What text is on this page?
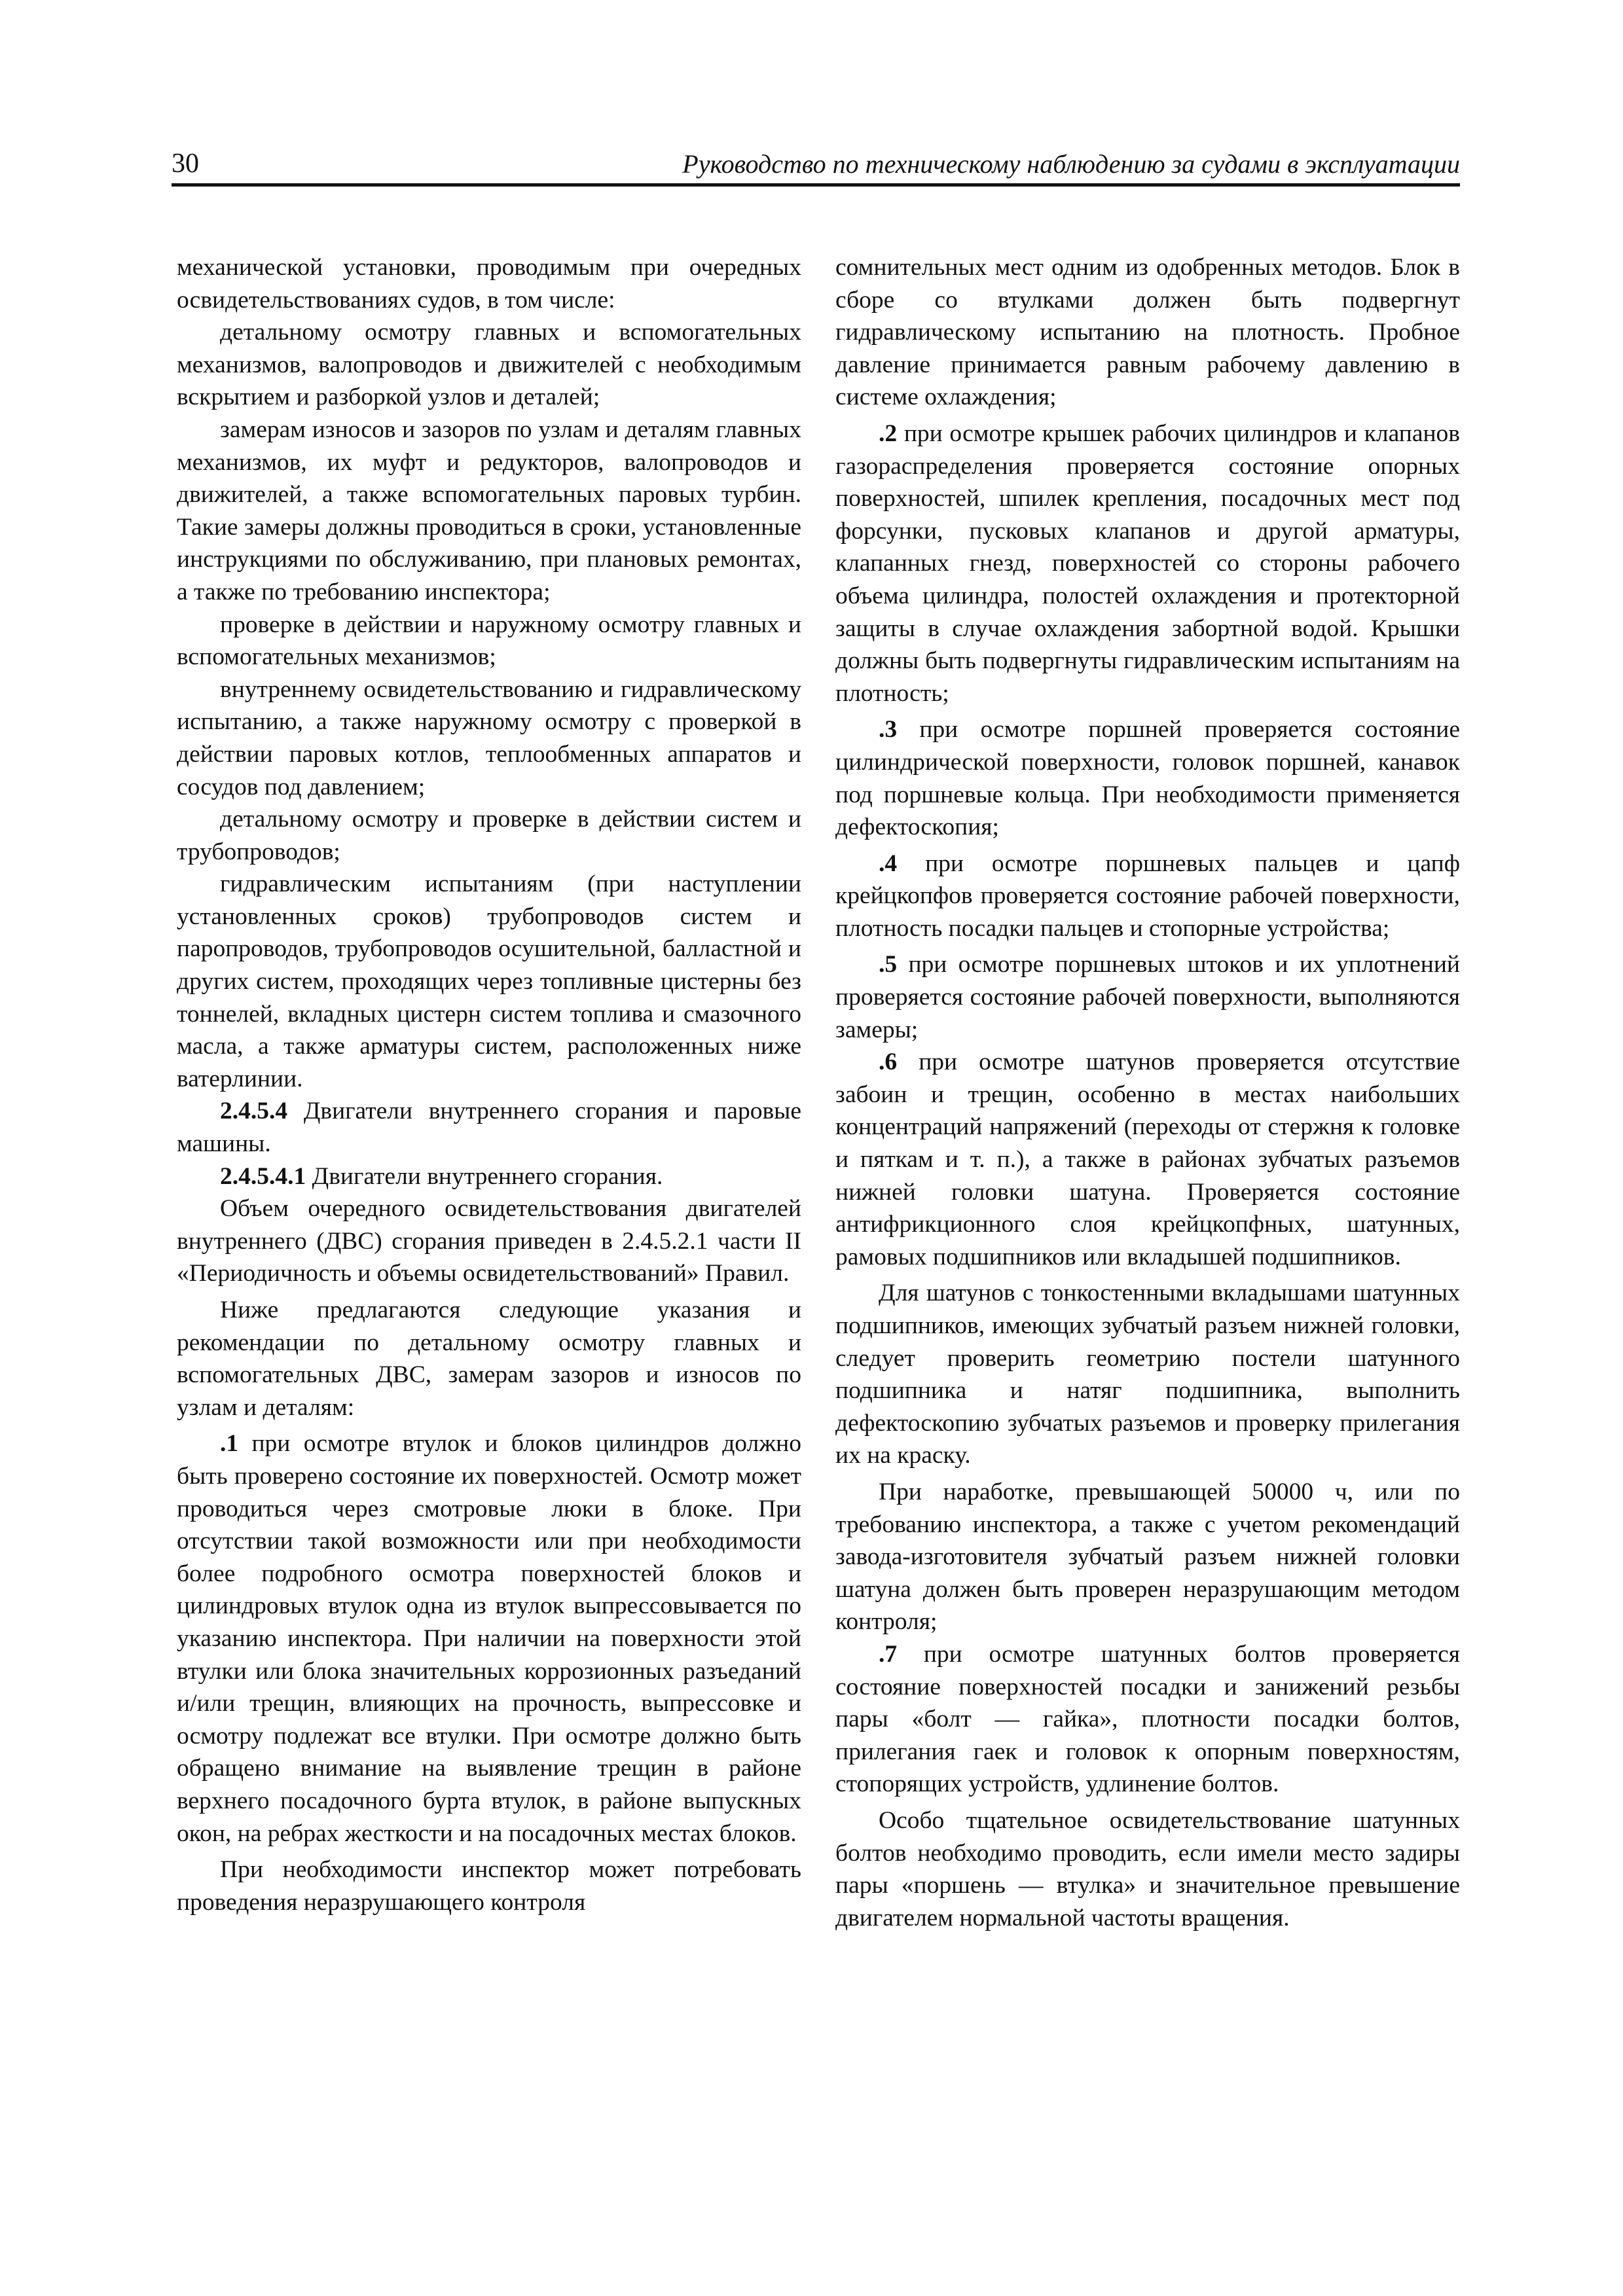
30	Руководство по техническому наблюдению за судами в эксплуатации

механической установки, проводимым при очередных освидетельствованиях судов, в том числе:

детальному осмотру главных и вспомогательных механизмов, валопроводов и движителей с необходимым вскрытием и разборкой узлов и деталей;

замерам износов и зазоров по узлам и деталям главных механизмов, их муфт и редукторов, валопроводов и движителей, а также вспомогательных паровых турбин. Такие замеры должны проводиться в сроки, установленные инструкциями по обслуживанию, при плановых ремонтах, а также по требованию инспектора;

проверке в действии и наружному осмотру главных и вспомогательных механизмов;

внутреннему освидетельствованию и гидравлическому испытанию, а также наружному осмотру с проверкой в действии паровых котлов, теплообменных аппаратов и сосудов под давлением;

детальному осмотру и проверке в действии систем и трубопроводов;

гидравлическим испытаниям (при наступлении установленных сроков) трубопроводов систем и паропроводов, трубопроводов осушительной, балластной и других систем, проходящих через топливные цистерны без тоннелей, вкладных цистерн систем топлива и смазочного масла, а также арматуры систем, расположенных ниже ватерлинии.

2.4.5.4 Двигатели внутреннего сгорания и паровые машины.

2.4.5.4.1 Двигатели внутреннего сгорания.

Объем очередного освидетельствования двигателей внутреннего (ДВС) сгорания приведен в 2.4.5.2.1 части II «Периодичность и объемы освидетельствований» Правил.

Ниже предлагаются следующие указания и рекомендации по детальному осмотру главных и вспомогательных ДВС, замерам зазоров и износов по узлам и деталям:

.1 при осмотре втулок и блоков цилиндров должно быть проверено состояние их поверхностей. Осмотр может проводиться через смотровые люки в блоке. При отсутствии такой возможности или при необходимости более подробного осмотра поверхностей блоков и цилиндровых втулок одна из втулок выпрессовывается по указанию инспектора. При наличии на поверхности этой втулки или блока значительных коррозионных разъеданий и/или трещин, влияющих на прочность, выпрессовке и осмотру подлежат все втулки. При осмотре должно быть обращено внимание на выявление трещин в районе верхнего посадочного бурта втулок, в районе выпускных окон, на ребрах жесткости и на посадочных местах блоков.

При необходимости инспектор может потребовать проведения неразрушающего контроля

сомнительных мест одним из одобренных методов. Блок в сборе со втулками должен быть подвергнут гидравлическому испытанию на плотность. Пробное давление принимается равным рабочему давлению в системе охлаждения;

.2 при осмотре крышек рабочих цилиндров и клапанов газораспределения проверяется состояние опорных поверхностей, шпилек крепления, посадочных мест под форсунки, пусковых клапанов и другой арматуры, клапанных гнезд, поверхностей со стороны рабочего объема цилиндра, полостей охлаждения и протекторной защиты в случае охлаждения забортной водой. Крышки должны быть подвергнуты гидравлическим испытаниям на плотность;

.3 при осмотре поршней проверяется состояние цилиндрической поверхности, головок поршней, канавок под поршневые кольца. При необходимости применяется дефектоскопия;

.4 при осмотре поршневых пальцев и цапф крейцкопфов проверяется состояние рабочей поверхности, плотность посадки пальцев и стопорные устройства;

.5 при осмотре поршневых штоков и их уплотнений проверяется состояние рабочей поверхности, выполняются замеры;

.6 при осмотре шатунов проверяется отсутствие забоин и трещин, особенно в местах наибольших концентраций напряжений (переходы от стержня к головке и пяткам и т. п.), а также в районах зубчатых разъемов нижней головки шатуна. Проверяется состояние антифрикционного слоя крейцкопфных, шатунных, рамовых подшипников или вкладышей подшипников.

Для шатунов с тонкостенными вкладышами шатунных подшипников, имеющих зубчатый разъем нижней головки, следует проверить геометрию постели шатунного подшипника и натяг подшипника, выполнить дефектоскопию зубчатых разъемов и проверку прилегания их на краску.

При наработке, превышающей 50000 ч, или по требованию инспектора, а также с учетом рекомендаций завода-изготовителя зубчатый разъем нижней головки шатуна должен быть проверен неразрушающим методом контроля;

.7 при осмотре шатунных болтов проверяется состояние поверхностей посадки и занижений резьбы пары «болт — гайка», плотности посадки болтов, прилегания гаек и головок к опорным поверхностям, стопорящих устройств, удлинение болтов.

Особо тщательное освидетельствование шатунных болтов необходимо проводить, если имели место задиры пары «поршень — втулка» и значительное превышение двигателем нормальной частоты вращения.
